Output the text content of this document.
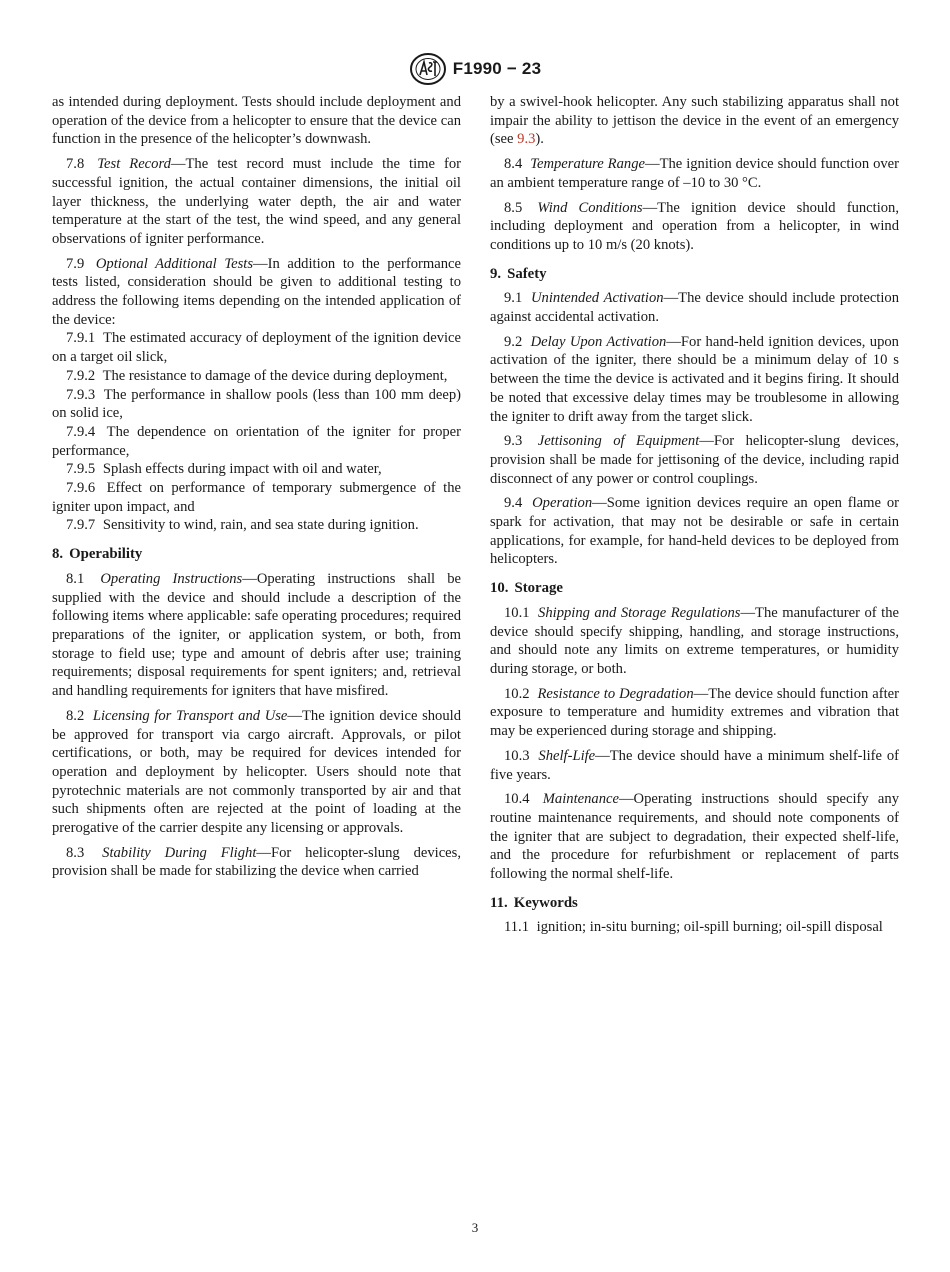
F1990 − 23

as intended during deployment. Tests should include deployment and operation of the device from a helicopter to ensure that the device can function in the presence of the helicopter’s downwash.

7.8 Test Record—The test record must include the time for successful ignition, the actual container dimensions, the initial oil layer thickness, the underlying water depth, the air and water temperature at the start of the test, the wind speed, and any general observations of igniter performance.

7.9 Optional Additional Tests—In addition to the performance tests listed, consideration should be given to additional testing to address the following items depending on the intended application of the device:

7.9.1 The estimated accuracy of deployment of the ignition device on a target oil slick,

7.9.2 The resistance to damage of the device during deployment,

7.9.3 The performance in shallow pools (less than 100 mm deep) on solid ice,

7.9.4 The dependence on orientation of the igniter for proper performance,

7.9.5 Splash effects during impact with oil and water,

7.9.6 Effect on performance of temporary submergence of the igniter upon impact, and

7.9.7 Sensitivity to wind, rain, and sea state during ignition.

8. Operability

8.1 Operating Instructions—Operating instructions shall be supplied with the device and should include a description of the following items where applicable: safe operating procedures; required preparations of the igniter, or application system, or both, from storage to field use; type and amount of debris after use; training requirements; disposal requirements for spent igniters; and, retrieval and handling requirements for igniters that have misfired.

8.2 Licensing for Transport and Use—The ignition device should be approved for transport via cargo aircraft. Approvals, or pilot certifications, or both, may be required for devices intended for operation and deployment by helicopter. Users should note that pyrotechnic materials are not commonly transported by air and that such shipments often are rejected at the point of loading at the prerogative of the carrier despite any licensing or approvals.

8.3 Stability During Flight—For helicopter-slung devices, provision shall be made for stabilizing the device when carried

by a swivel-hook helicopter. Any such stabilizing apparatus shall not impair the ability to jettison the device in the event of an emergency (see 9.3).

8.4 Temperature Range—The ignition device should function over an ambient temperature range of –10 to 30 °C.

8.5 Wind Conditions—The ignition device should function, including deployment and operation from a helicopter, in wind conditions up to 10 m/s (20 knots).

9. Safety

9.1 Unintended Activation—The device should include protection against accidental activation.

9.2 Delay Upon Activation—For hand-held ignition devices, upon activation of the igniter, there should be a minimum delay of 10 s between the time the device is activated and it begins firing. It should be noted that excessive delay times may be troublesome in allowing the igniter to drift away from the target slick.

9.3 Jettisoning of Equipment—For helicopter-slung devices, provision shall be made for jettisoning of the device, including rapid disconnect of any power or control couplings.

9.4 Operation—Some ignition devices require an open flame or spark for activation, that may not be desirable or safe in certain applications, for example, for hand-held devices to be deployed from helicopters.

10. Storage

10.1 Shipping and Storage Regulations—The manufacturer of the device should specify shipping, handling, and storage instructions, and should note any limits on extreme temperatures, or humidity during storage, or both.

10.2 Resistance to Degradation—The device should function after exposure to temperature and humidity extremes and vibration that may be experienced during storage and shipping.

10.3 Shelf-Life—The device should have a minimum shelf-life of five years.

10.4 Maintenance—Operating instructions should specify any routine maintenance requirements, and should note components of the igniter that are subject to degradation, their expected shelf-life, and the procedure for refurbishment or replacement of parts following the normal shelf-life.

11. Keywords

11.1 ignition; in-situ burning; oil-spill burning; oil-spill disposal

3
